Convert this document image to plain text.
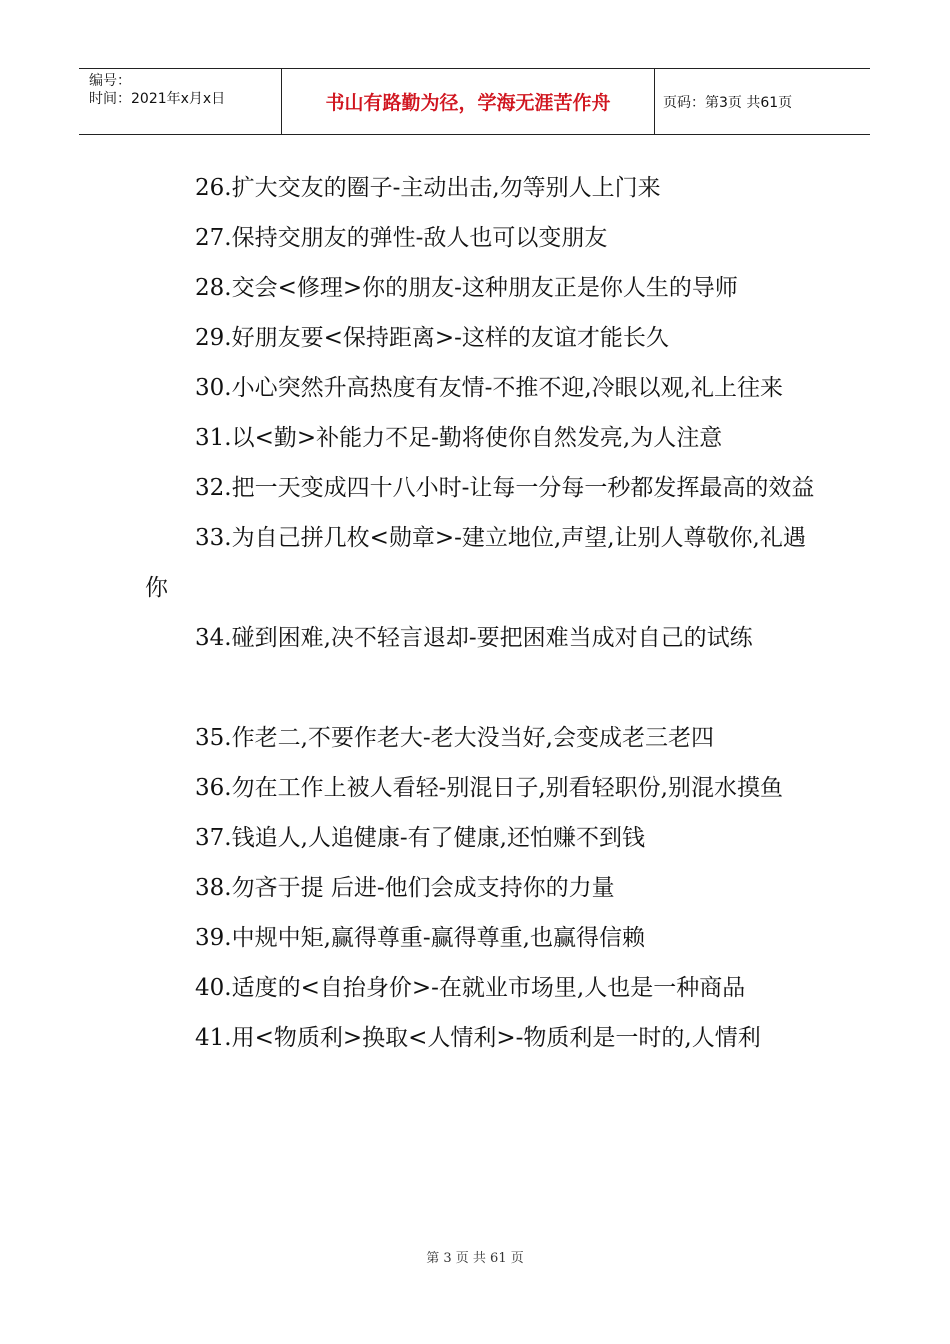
编号：
时间：2021年x月x日	书山有路勤为径，学海无涯苦作舟	页码：第3页 共61页

26.扩大交友的圈子-主动出击,勿等别人上门来

27.保持交朋友的弹性-敌人也可以变朋友

28.交会<修理>你的朋友-这种朋友正是你人生的导师

29.好朋友要<保持距离>-这样的友谊才能长久

30.小心突然升高热度有友情-不推不迎,冷眼以观,礼上往来

31.以<勤>补能力不足-勤将使你自然发亮,为人注意

32.把一天变成四十八小时-让每一分每一秒都发挥最高的效益

33.为自己拼几枚<勋章>-建立地位,声望,让别人尊敬你,礼遇你

34.碰到困难,决不轻言退却-要把困难当成对自己的试练

35.作老二,不要作老大-老大没当好,会变成老三老四

36.勿在工作上被人看轻-别混日子,别看轻职份,别混水摸鱼

37.钱追人,人追健康-有了健康,还怕赚不到钱

38.勿吝于提 后进-他们会成支持你的力量

39.中规中矩,赢得尊重-赢得尊重,也赢得信赖

40.适度的<自抬身价>-在就业市场里,人也是一种商品

41.用<物质利>换取<人情利>-物质利是一时的,人情利

第 3 页 共 61 页
